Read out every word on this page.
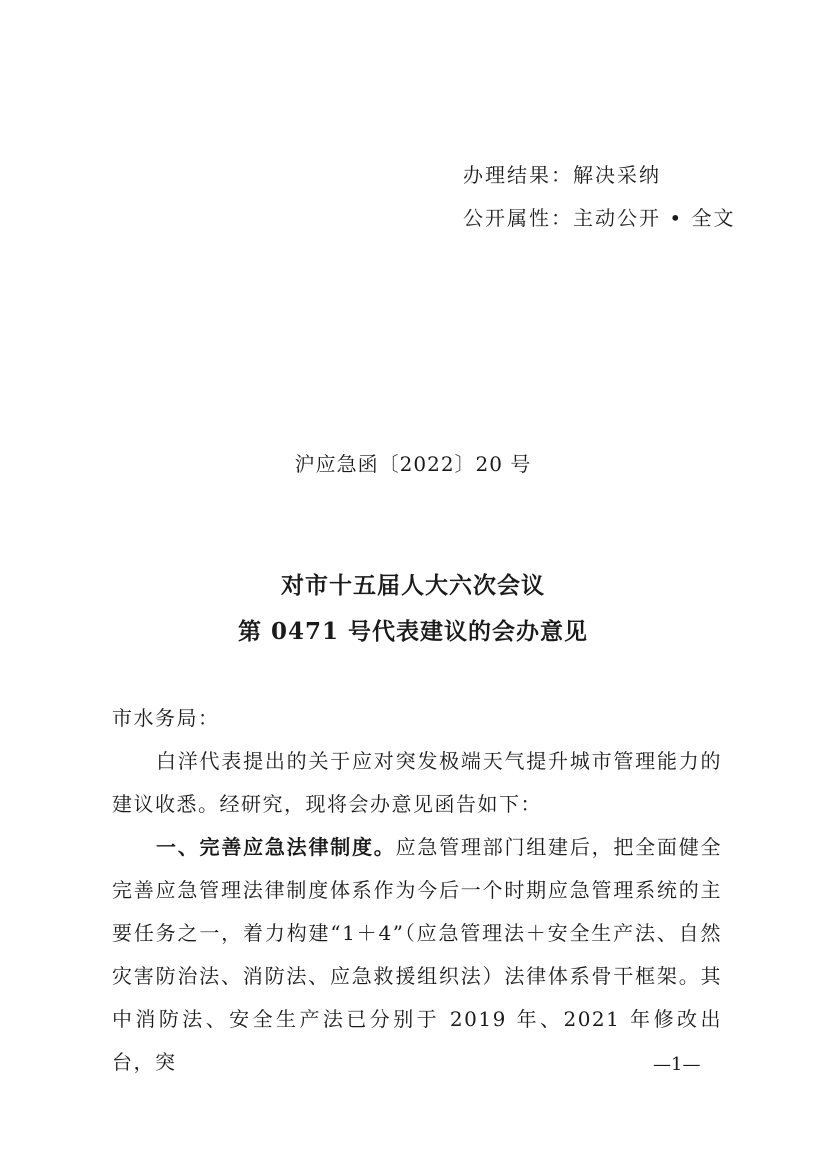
办理结果：解决采纳
公开属性：主动公开 • 全文
沪应急函〔2022〕20 号
对市十五届人大六次会议
第 0471 号代表建议的会办意见
市水务局：
白洋代表提出的关于应对突发极端天气提升城市管理能力的建议收悉。经研究，现将会办意见函告如下：
一、完善应急法律制度。应急管理部门组建后，把全面健全完善应急管理法律制度体系作为今后一个时期应急管理系统的主要任务之一，着力构建“1＋4”（应急管理法＋安全生产法、自然灾害防治法、消防法、应急救援组织法）法律体系骨干框架。其中消防法、安全生产法已分别于 2019 年、2021 年修改出台，突	—1—
